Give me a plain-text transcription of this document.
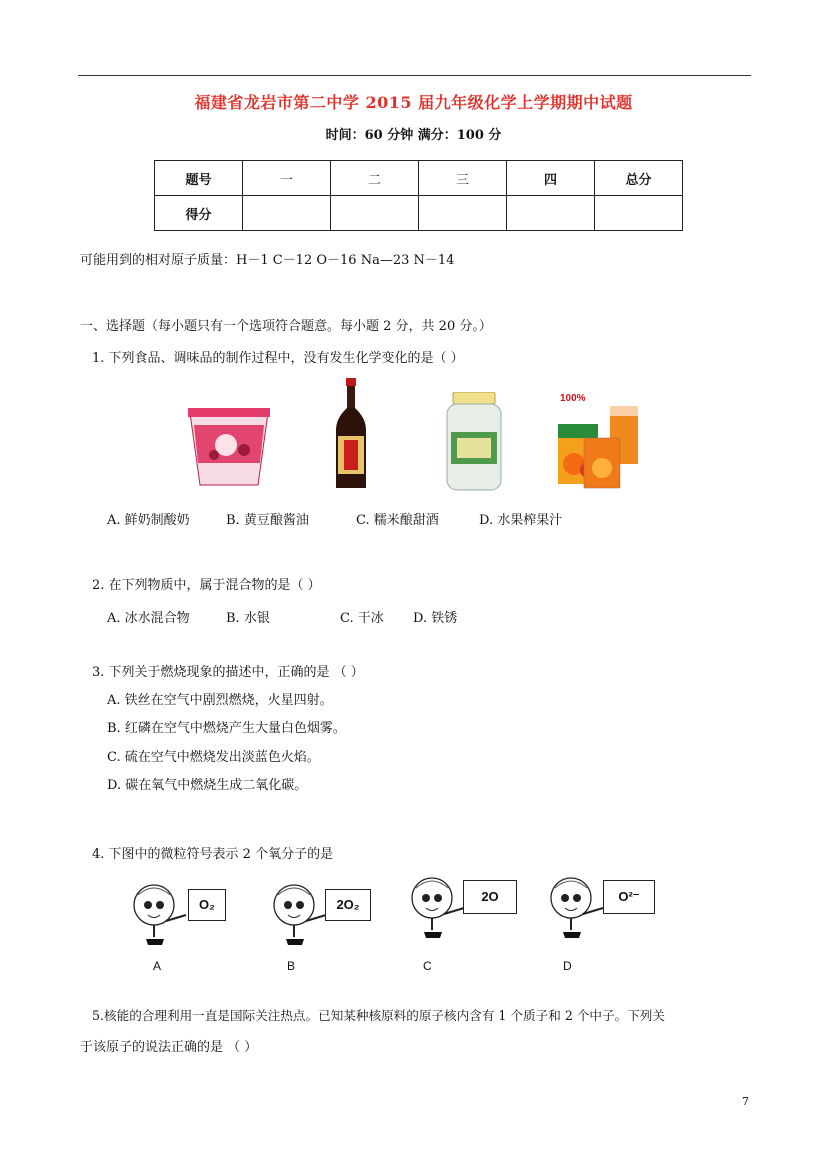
福建省龙岩市第二中学 2015 届九年级化学上学期期中试题
时间：60 分钟 满分：100 分
题号	一	二	三	四	总分
得分					
可能用到的相对原子质量：H－1 C－12 O－16 Na—23 N－14
一、选择题（每小题只有一个选项符合题意。每小题 2 分，共 20 分。）
1. 下列食品、调味品的制作过程中，没有发生化学变化的是（ ）
100%
A. 鲜奶制酸奶	B. 黄豆酿酱油	C. 糯米酿甜酒	D. 水果榨果汁
2. 在下列物质中，属于混合物的是（ ）
A. 冰水混合物	B. 水银	C. 干冰 D. 铁锈
3. 下列关于燃烧现象的描述中，正确的是 （ ）
A. 铁丝在空气中剧烈燃烧，火星四射。
B. 红磷在空气中燃烧产生大量白色烟雾。
C. 硫在空气中燃烧发出淡蓝色火焰。
D. 碳在氧气中燃烧生成二氧化碳。
4. 下图中的微粒符号表示 2 个氧分子的是
O₂	2O₂
2O	O²⁻
A	B	C	D
5.核能的合理利用一直是国际关注热点。已知某种核原料的原子核内含有 1 个质子和 2 个中子。下列关
于该原子的说法正确的是 （ ）
7
